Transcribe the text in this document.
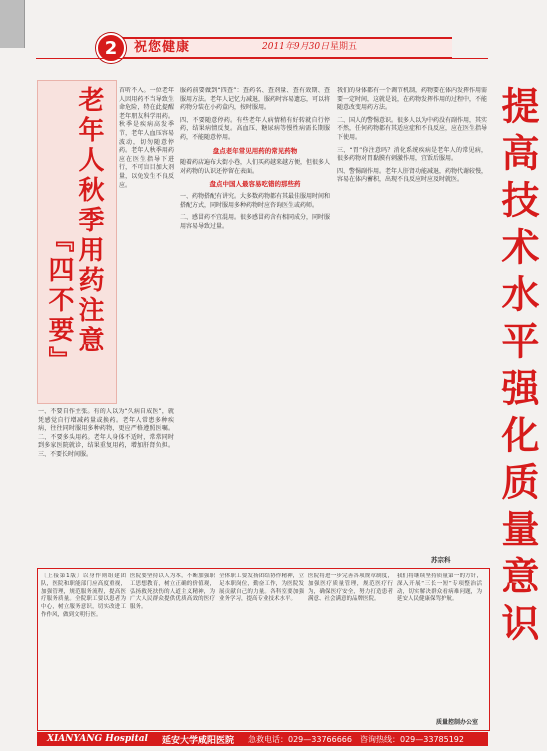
2	祝您健康	2011年9月30日 星期五
老年人秋季用药注意
『四不要』
首听不入。一位老年人因用药不当导致生命危险，特在此提醒老年朋友科学用药。秋季是疾病高发季节，老年人血压容易波动，切勿随意停药。老年人秋季用药应在医生指导下进行，不可盲目加大剂量，以免发生不良反应。
一、不要自作主张。有的人以为“久病自成医”，就凭感觉自行增减药量或换药。老年人常患多种疾病，往往同时服用多种药物，更应严格遵照医嘱。二、不要多头用药。老年人身体不适时，常常同时到多家医院就诊，结果重复用药，增加肝肾负担。三、不要长时间服。

服药前要做到“四查”：查药名、查剂量、查有效期、查服用方法。老年人记忆力减退，服药时容易遗忘，可以将药物分装在小药盒内，按时服用。

四、不要随意停药。有些老年人病情稍有好转就自行停药，结果病情反复。高血压、糖尿病等慢性病需长期服药，不能随意停用。

盘点老年常见用药的常见药物

随着药店遍布大街小巷，人们买药越来越方便，但很多人对药物的认识还停留在表面。

盘点中国人最容易吃错的那些药

一、药物搭配有讲究。大多数药物都有其最佳服用时间和搭配方式，同时服用多种药物时应咨询医生或药师。

二、感冒药不宜混用。很多感冒药含有相同成分，同时服用容易导致过量。

我们的身体都有一个调节机制，药物要在体内发挥作用需要一定时间，这就是说，在药物发挥作用的过程中，不能随意改变用药方法。

二、国人的警惕意识。很多人以为中药没有副作用，其实不然，任何药物都有其适应症和不良反应，应在医生指导下使用。

三、“胃”你注意吗？消化系统疾病是老年人的常见病，很多药物对胃黏膜有刺激作用，宜饭后服用。

四、警惕副作用。老年人肝肾功能减退，药物代谢较慢，容易在体内蓄积，出现不良反应时应及时就医。

苏宗科 提高技术水平强化质量意识
〔上接第1版〕以身作则组建团队，医院和职能部门应高度重视，加强管理，规范服务流程，提高医疗服务质量。全院职工要以患者为中心，树立服务意识，切实改进工作作风，做到文明行医。
医院要坚持以人为本，不断加强职工思想教育，树立正确的价值观，弘扬救死扶伤的人道主义精神，为广大人民群众提供优质高效的医疗服务。
全体职工要发扬团结协作精神，立足本职岗位，勤奋工作，为医院发展贡献自己的力量。各科室要加强业务学习，提高专业技术水平。
医院将进一步完善各项规章制度，加强医疗质量管理，规范医疗行为，确保医疗安全，努力打造患者满意、社会满意的品牌医院。
我们将继续坚持质量第一的方针，深入开展“三长一短”专项整治活动，切实解决群众看病难问题，为延安人民健康保驾护航。
质量控制办公室
XIANYANG Hospital 延安大学咸阳医院 急救电话：029—33766666 咨询热线：029—33785192
